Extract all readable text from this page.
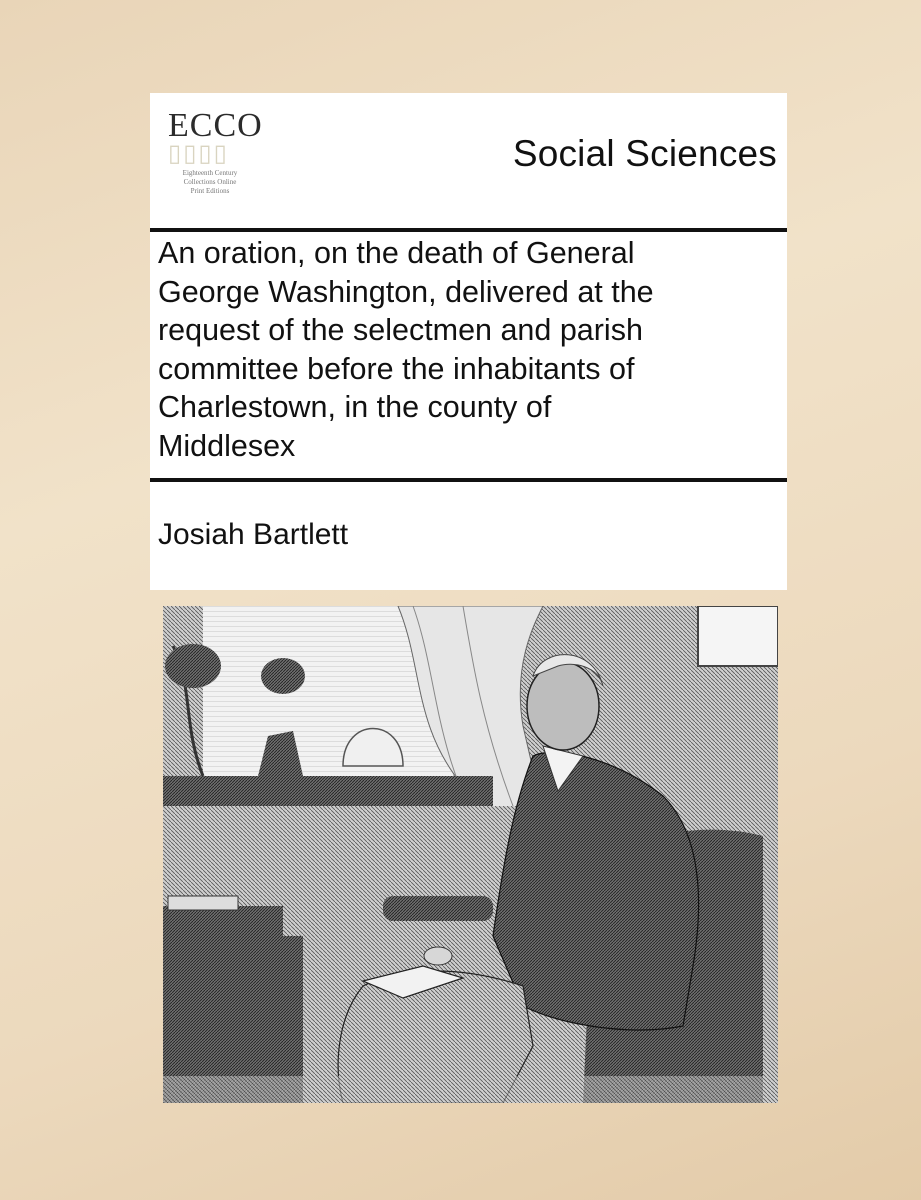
ECCO
▯▯▯▯
Eighteenth Century
Collections Online
Print Editions
Social Sciences
An oration, on the death of General
George Washington, delivered at the
request of the selectmen and parish
committee before the inhabitants of
Charlestown, in the county of
Middlesex
Josiah Bartlett
